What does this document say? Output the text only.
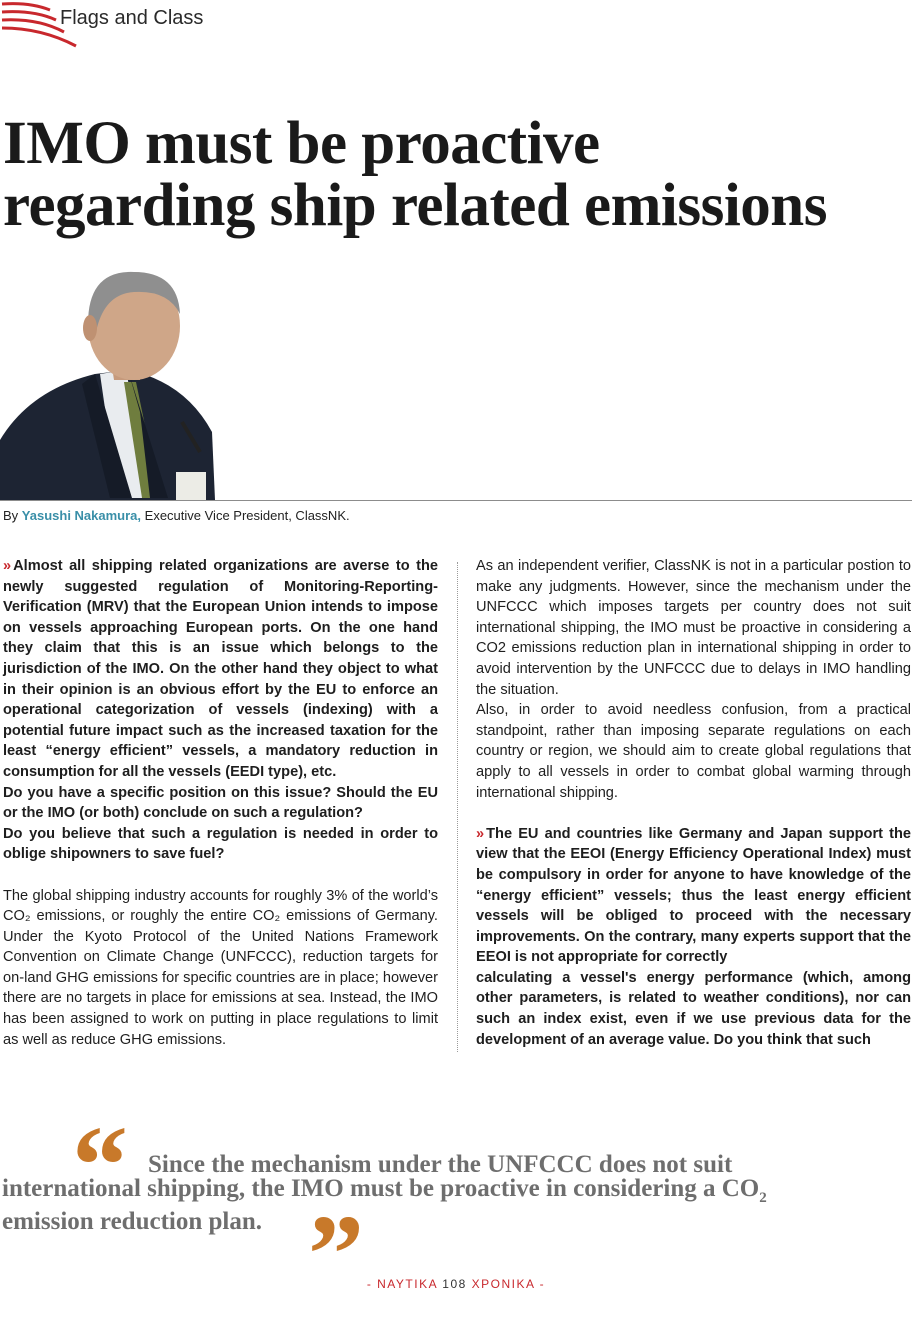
Flags and Class
IMO must be proactive
regarding ship related emissions
By Yasushi Nakamura, Executive Vice President, ClassNK.

» Almost all shipping related organizations are averse to the newly suggested regulation of Monitoring-Reporting-Verification (MRV) that the European Union intends to impose on vessels approaching European ports. On the one hand they claim that this is an issue which belongs to the jurisdiction of the IMO. On the other hand they object to what in their opinion is an obvious effort by the EU to enforce an operational categorization of vessels (indexing) with a potential future impact such as the increased taxation for the least “energy efficient” vessels, a mandatory reduction in consumption for all the vessels (EEDI type), etc.

Do you have a specific position on this issue? Should the EU or the IMO (or both) conclude on such a regulation?

Do you believe that such a regulation is needed in order to oblige shipowners to save fuel?

The global shipping industry accounts for roughly 3% of the world’s CO₂ emissions, or roughly the entire CO₂ emissions of Germany. Under the Kyoto Protocol of the United Nations Framework Convention on Climate Change (UNFCCC), reduction targets for on-land GHG emissions for specific countries are in place; however there are no targets in place for emissions at sea. Instead, the IMO has been assigned to work on putting in place regulations to limit as well as reduce GHG emissions.

As an independent verifier, ClassNK is not in a particular postion to make any judgments. However, since the mechanism under the UNFCCC which imposes targets per country does not suit international shipping, the IMO must be proactive in considering a CO2 emissions reduction plan in international shipping in order to avoid intervention by the UNFCCC due to delays in IMO handling the situation.

Also, in order to avoid needless confusion, from a practical standpoint, rather than imposing separate regulations on each country or region, we should aim to create global regulations that apply to all vessels in order to combat global warming through international shipping.

» The EU and countries like Germany and Japan support the view that the EEOI (Energy Efficiency Operational Index) must be compulsory in order for anyone to have knowledge of the “energy efficient” vessels; thus the least energy efficient vessels will be obliged to proceed with the necessary improvements. On the contrary, many experts support that the EEOI is not appropriate for correctly

calculating a vessel's energy performance (which, among other parameters, is related to weather conditions), nor can such an index exist, even if we use previous data for the development of an average value. Do you think that such

“ Since the mechanism under the UNFCCC does not suit
international shipping, the IMO must be proactive in considering a $CO_2$
emission reduction plan. ” - NAYTIKA 108 XPONIKA -
